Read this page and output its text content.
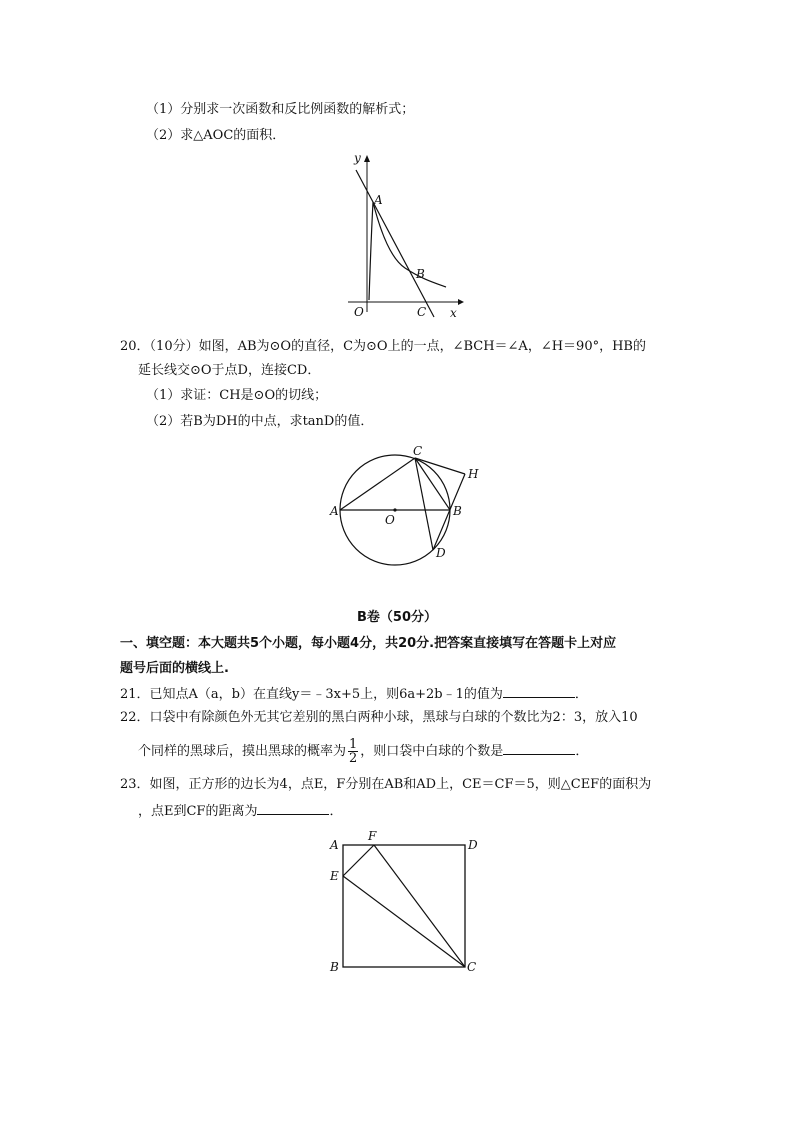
（1）分别求一次函数和反比例函数的解析式；
（2）求△AOC的面积．
y
A
B
O	C x
20．（10分）如图，AB为⊙O的直径，C为⊙O上的一点，∠BCH＝∠A，∠H＝90°，HB的
延长线交⊙O于点D，连接CD．
（1）求证：CH是⊙O的切线；
（2）若B为DH的中点，求tanD的值．
A
O
B
C
H
D
B卷（50分）
一、填空题：本大题共5个小题，每小题4分，共20分.把答案直接填写在答题卡上对应
题号后面的横线上.
21．已知点A（a，b）在直线y＝﹣3x+5上，则6a+2b﹣1的值为	．
22．口袋中有除颜色外无其它差别的黑白两种小球，黑球与白球的个数比为2：3，放入10
个同样的黑球后，摸出黑球的概率为 $\frac{1}{2}$ ，则口袋中白球的个数是	．
23．如图，正方形的边长为4，点E，F分别在AB和AD上，CE＝CF＝5，则△CEF的面积为
，点E到CF的距离为	．
A
F
D
E
B	C
